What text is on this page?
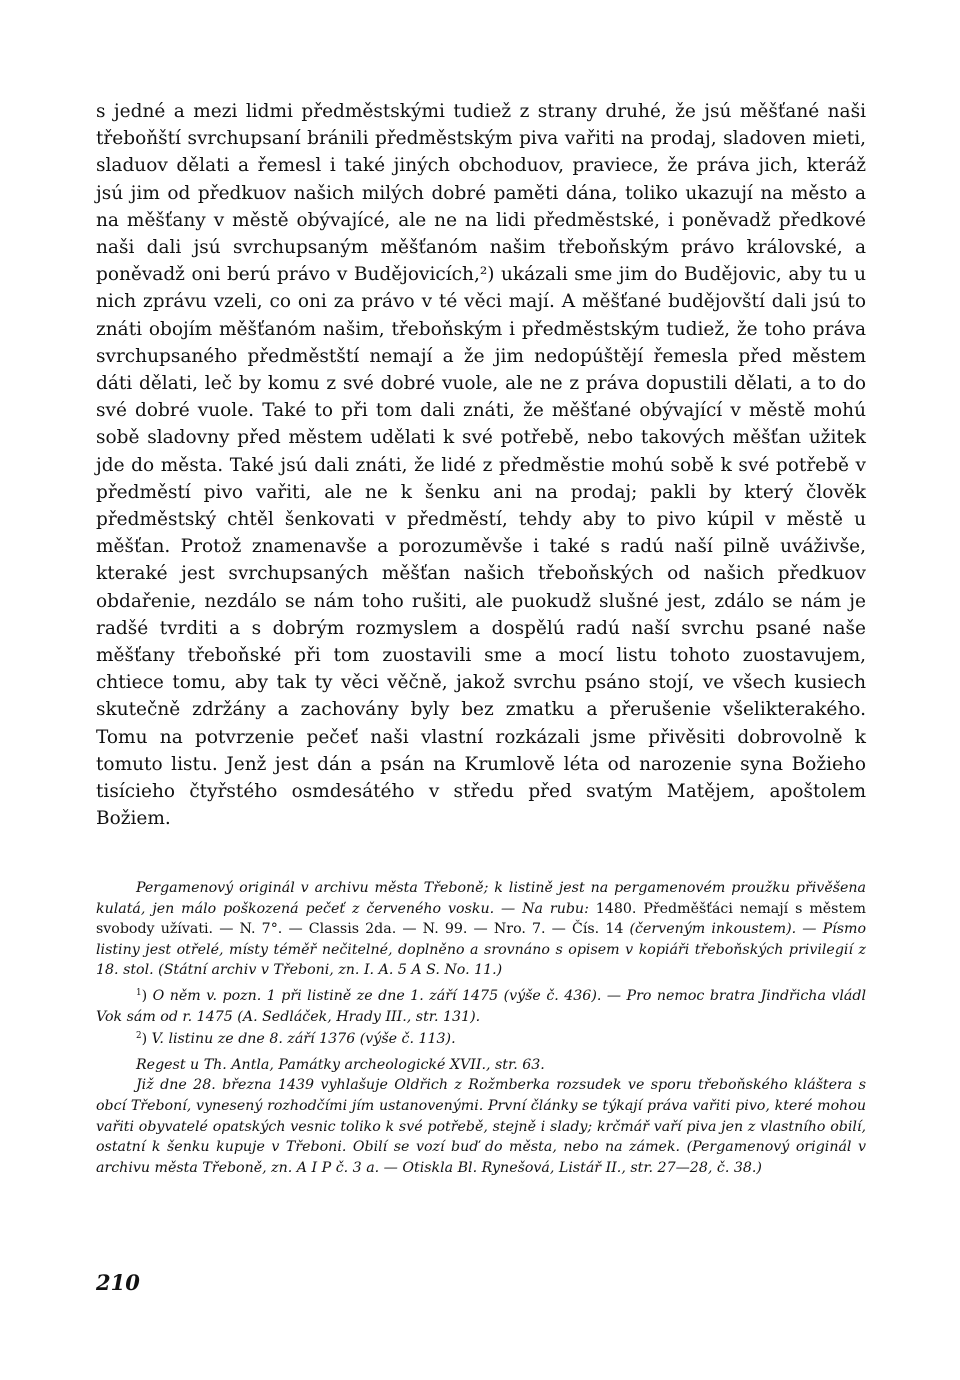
s jedné a mezi lidmi předměstskými tudiež z strany druhé, že jsú měšťané naši třeboňští svrchupsaní bránili předměstským piva vařiti na prodaj, sladoven mieti, sladuov dělati a řemesl i také jiných obchoduov, praviece, že práva jich, kteráž jsú jim od předkuov našich milých dobré paměti dána, toliko ukazují na město a na měšťany v městě obývajícé, ale ne na lidi předměstské, i poněvadž předkové naši dali jsú svrchupsaným měšťanóm našim třeboňským právo královské, a poněvadž oni berú právo v Budějovicích,²) ukázali sme jim do Budějovic, aby tu u nich zprávu vzeli, co oni za právo v té věci mají. A měšťané budějovští dali jsú to znáti obojím měšťanóm našim, třeboňským i předměstským tudiež, že toho práva svrchupsaného předměstští nemají a že jim nedopúštějí řemesla před městem dáti dělati, leč by komu z své dobré vuole, ale ne z práva dopustili dělati, a to do své dobré vuole. Také to při tom dali znáti, že měšťané obývající v městě mohú sobě sladovny před městem udělati k své potřebě, nebo takových měšťan užitek jde do města. Také jsú dali znáti, že lidé z předměstie mohú sobě k své potřebě v předměstí pivo vařiti, ale ne k šenku ani na prodaj; pakli by který člověk předměstský chtěl šenkovati v předměstí, tehdy aby to pivo kúpil v městě u měšťan. Protož znamenavše a porozuměvše i také s radú naší pilně uváživše, kteraké jest svrchupsaných měšťan našich třeboňských od našich předkuov obdařenie, nezdálo se nám toho rušiti, ale puokudž slušné jest, zdálo se nám je radšé tvrditi a s dobrým rozmyslem a dospělú radú naší svrchu psané naše měšťany třeboňské při tom zuostavili sme a mocí listu tohoto zuostavujem, chtiece tomu, aby tak ty věci věčně, jakož svrchu psáno stojí, ve všech kusiech skutečně zdržány a zachovány byly bez zmatku a přerušenie všelikterakého. Tomu na potvrzenie pečeť naši vlastní rozkázali jsme přivěsiti dobrovolně k tomuto listu. Jenž jest dán a psán na Krumlově léta od narozenie syna Božieho tisícieho čtyřstého osmdesátého v středu před svatým Matějem, apoštolem Božiem.

Pergamenový originál v archivu města Třeboně; k listině jest na pergamenovém proužku přivěšena kulatá, jen málo poškozená pečeť z červeného vosku. — Na rubu: 1480. Předměšťáci nemají s městem svobody užívati. — N. 7°. — Classis 2da. — N. 99. — Nro. 7. — Čís. 14 (červeným inkoustem). — Písmo listiny jest otřelé, místy téměř nečitelné, doplněno a srovnáno s opisem v kopiáři třeboňských privilegií z 18. stol. (Státní archiv v Třeboni, zn. I. A. 5 A S. No. 11.)

$^1$) O něm v. pozn. 1 při listině ze dne 1. září 1475 (výše č. 436). — Pro nemoc bratra Jindřicha vládl Vok sám od r. 1475 (A. Sedláček, Hrady III., str. 131).

$^2$) V. listinu ze dne 8. září 1376 (výše č. 113).

Regest u Th. Antla, Památky archeologické XVII., str. 63.

Již dne 28. března 1439 vyhlašuje Oldřich z Rožmberka rozsudek ve sporu třeboňského kláštera s obcí Třeboní, vynesený rozhodčími jím ustanovenými. První články se týkají práva vařiti pivo, které mohou vařiti obyvatelé opatských vesnic toliko k své potřebě, stejně i slady; krčmář vaří piva jen z vlastního obilí, ostatní k šenku kupuje v Třeboni. Obilí se vozí buď do města, nebo na zámek. (Pergamenový originál v archivu města Třeboně, zn. A I P č. 3 a. — Otiskla Bl. Rynešová, Listář II., str. 27—28, č. 38.)

210
